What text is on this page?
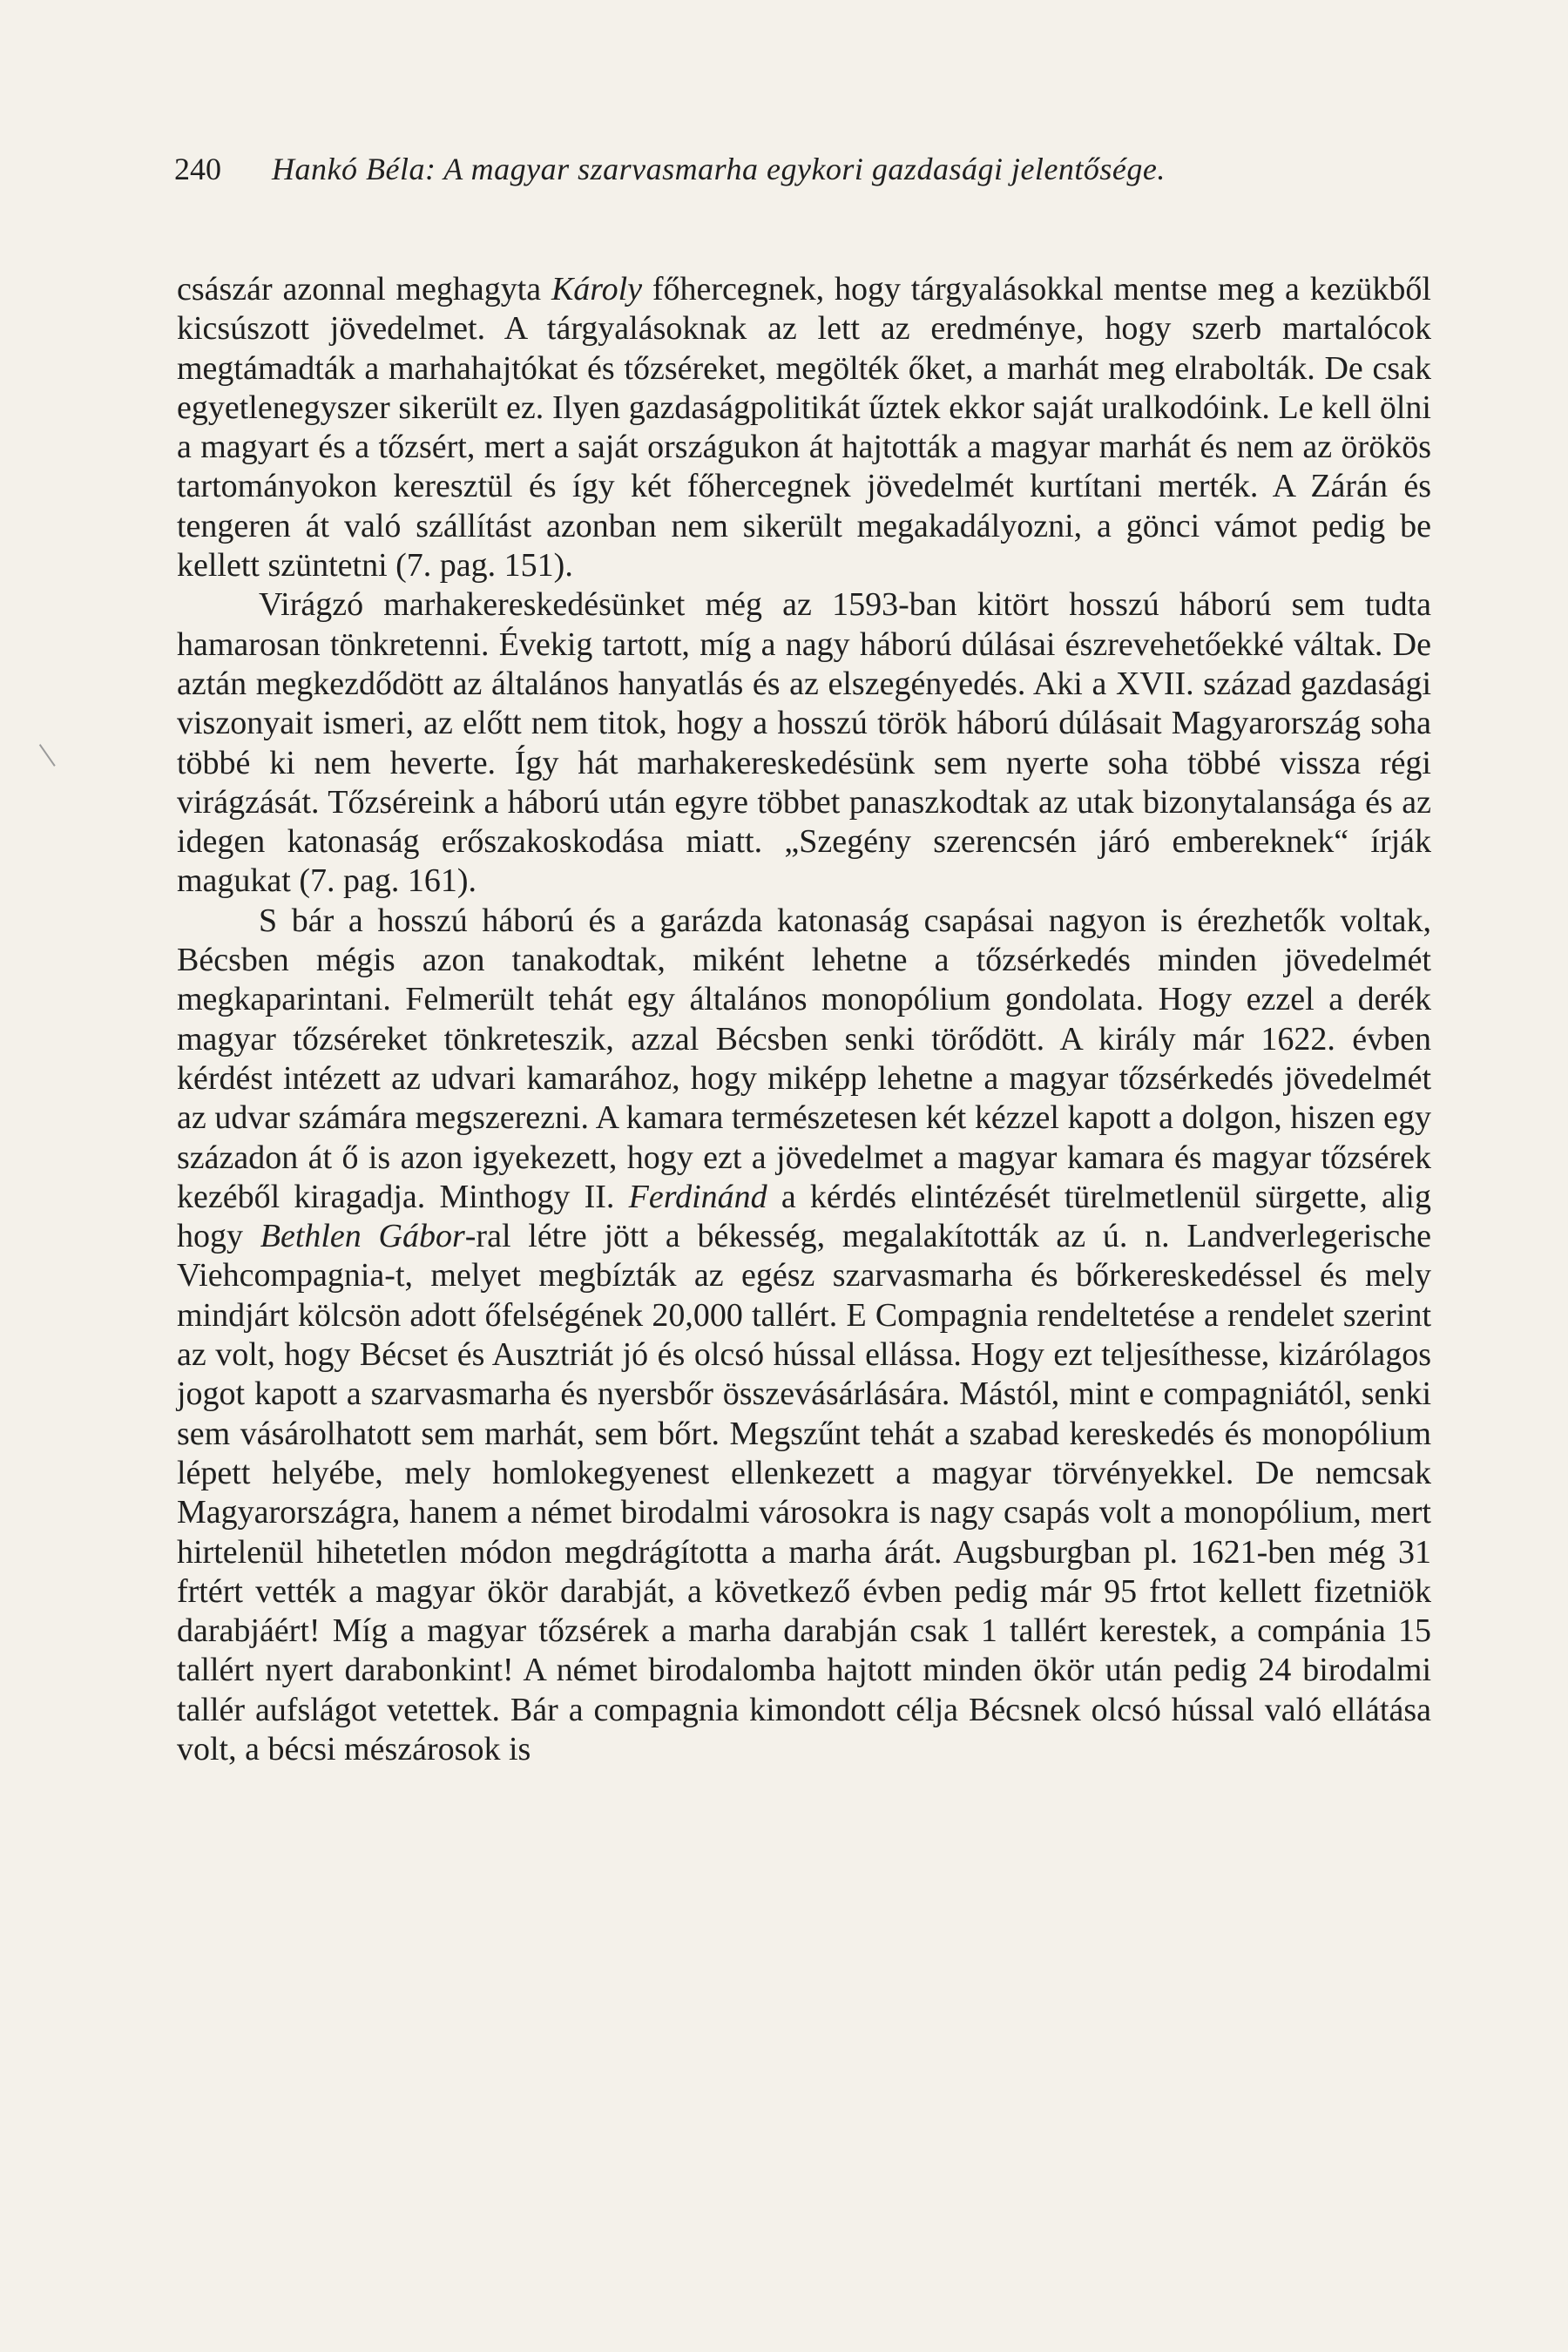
240 Hankó Béla: A magyar szarvasmarha egykori gazdasági jelentősége.

császár azonnal meghagyta Károly főhercegnek, hogy tárgyalásokkal mentse meg a kezükből kicsúszott jövedelmet. A tárgyalásoknak az lett az eredménye, hogy szerb martalócok megtámadták a marhahajtókat és tőzséreket, megölték őket, a marhát meg elrabolták. De csak egyetlenegyszer sikerült ez. Ilyen gazdaságpolitikát űztek ekkor saját uralkodóink. Le kell ölni a magyart és a tőzsért, mert a saját országukon át hajtották a magyar marhát és nem az örökös tartományokon keresztül és így két főhercegnek jövedelmét kurtítani merték. A Zárán és tengeren át való szállítást azonban nem sikerült megakadályozni, a gönci vámot pedig be kellett szüntetni (7. pag. 151).

Virágzó marhakereskedésünket még az 1593-ban kitört hosszú háború sem tudta hamarosan tönkretenni. Évekig tartott, míg a nagy háború dúlásai észrevehetőekké váltak. De aztán megkezdődött az általános hanyatlás és az elszegényedés. Aki a XVII. század gazdasági viszonyait ismeri, az előtt nem titok, hogy a hosszú török háború dúlásait Magyarország soha többé ki nem heverte. Így hát marhakereskedésünk sem nyerte soha többé vissza régi virágzását. Tőzséreink a háború után egyre többet panaszkodtak az utak bizonytalansága és az idegen katonaság erőszakoskodása miatt. „Szegény szerencsén járó embereknek“ írják magukat (7. pag. 161).

S bár a hosszú háború és a garázda katonaság csapásai nagyon is érezhetők voltak, Bécsben mégis azon tanakodtak, miként lehetne a tőzsérkedés minden jövedelmét megkaparintani. Felmerült tehát egy általános monopólium gondolata. Hogy ezzel a derék magyar tőzséreket tönkreteszik, azzal Bécsben senki törődött. A király már 1622. évben kérdést intézett az udvari kamarához, hogy miképp lehetne a magyar tőzsérkedés jövedelmét az udvar számára megszerezni. A kamara természetesen két kézzel kapott a dolgon, hiszen egy századon át ő is azon igyekezett, hogy ezt a jövedelmet a magyar kamara és magyar tőzsérek kezéből kiragadja. Minthogy II. Ferdinánd a kérdés elintézését türelmetlenül sürgette, alig hogy Bethlen Gábor-ral létre jött a békesség, megalakították az ú. n. Landverlegerische Viehcompagnia-t, melyet megbízták az egész szarvasmarha és bőrkereskedéssel és mely mindjárt kölcsön adott őfelségének 20,000 tallért. E Compagnia rendeltetése a rendelet szerint az volt, hogy Bécset és Ausztriát jó és olcsó hússal ellássa. Hogy ezt teljesíthesse, kizárólagos jogot kapott a szarvasmarha és nyersbőr összevásárlására. Mástól, mint e compagniától, senki sem vásárolhatott sem marhát, sem bőrt. Megszűnt tehát a szabad kereskedés és monopólium lépett helyébe, mely homlokegyenest ellenkezett a magyar törvényekkel. De nemcsak Magyarországra, hanem a német birodalmi városokra is nagy csapás volt a monopólium, mert hirtelenül hihetetlen módon megdrágította a marha árát. Augsburgban pl. 1621-ben még 31 frtért vették a magyar ökör darabját, a következő évben pedig már 95 frtot kellett fizetniök darabjáért! Míg a magyar tőzsérek a marha darabján csak 1 tallért kerestek, a compánia 15 tallért nyert darabonkint! A német birodalomba hajtott minden ökör után pedig 24 birodalmi tallér aufslágot vetettek. Bár a compagnia kimondott célja Bécsnek olcsó hússal való ellátása volt, a bécsi mészárosok is
